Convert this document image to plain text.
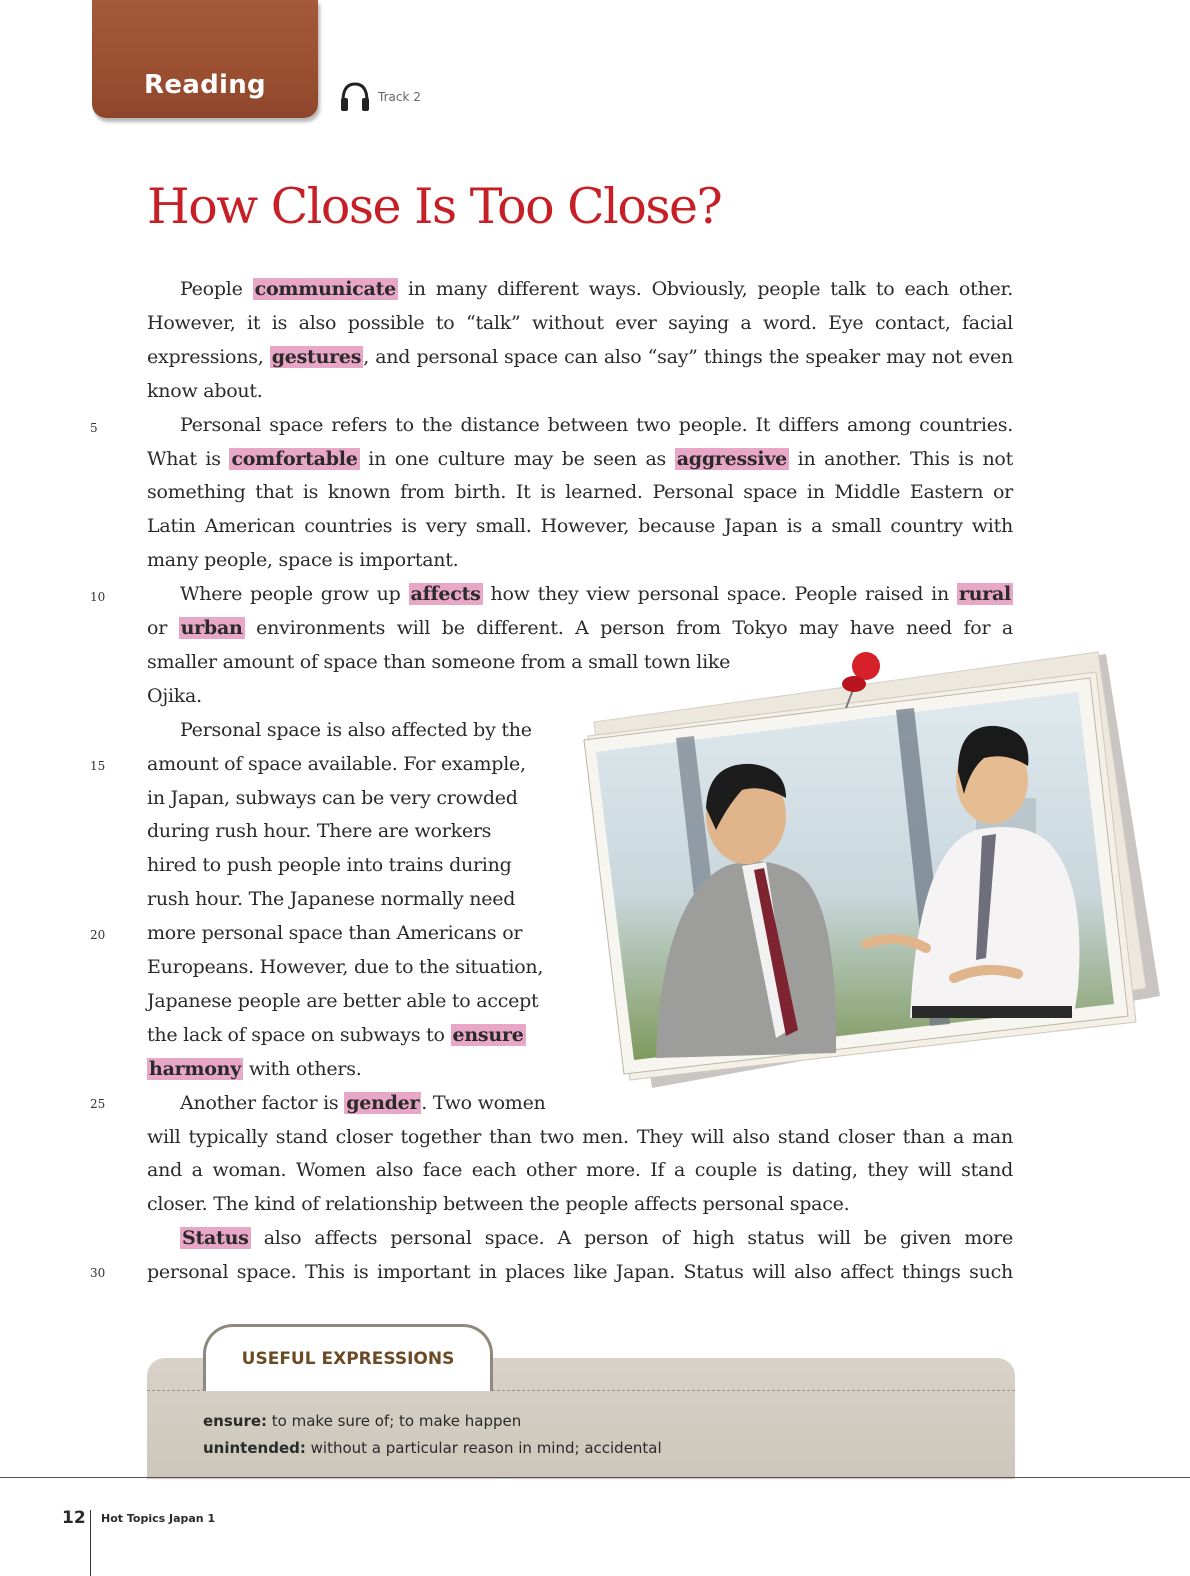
Reading	Track 2
How Close Is Too Close?
People communicate in many different ways. Obviously, people talk to each other.
However, it is also possible to “talk” without ever saying a word. Eye contact, facial
expressions, gestures , and personal space can also “say” things the speaker may not even
know about.
Personal space refers to the distance between two people. It differs among countries.
What is comfortable in one culture may be seen as aggressive in another. This is not
something that is known from birth. It is learned. Personal space in Middle Eastern or
Latin American countries is very small. However, because Japan is a small country with
many people, space is important.
Where people grow up affects how they view personal space. People raised in rural
or urban environments will be different. A person from Tokyo may have need for a
smaller amount of space than someone from a small town like
Ojika.
Personal space is also affected by the
amount of space available. For example,
in Japan, subways can be very crowded
during rush hour. There are workers
hired to push people into trains during
rush hour. The Japanese normally need
more personal space than Americans or
Europeans. However, due to the situation,
Japanese people are better able to accept
the lack of space on subways to ensure
harmony with others.
Another factor is gender . Two women
will typically stand closer together than two men. They will also stand closer than a man
and a woman. Women also face each other more. If a couple is dating, they will stand
closer. The kind of relationship between the people affects personal space.
Status also affects personal space. A person of high status will be given more
personal space. This is important in places like Japan. Status will also affect things such
5
10
15
20
25
30
USEFUL EXPRESSIONS
ensure: to make sure of; to make happen
unintended: without a particular reason in mind; accidental
12 Hot Topics Japan 1
